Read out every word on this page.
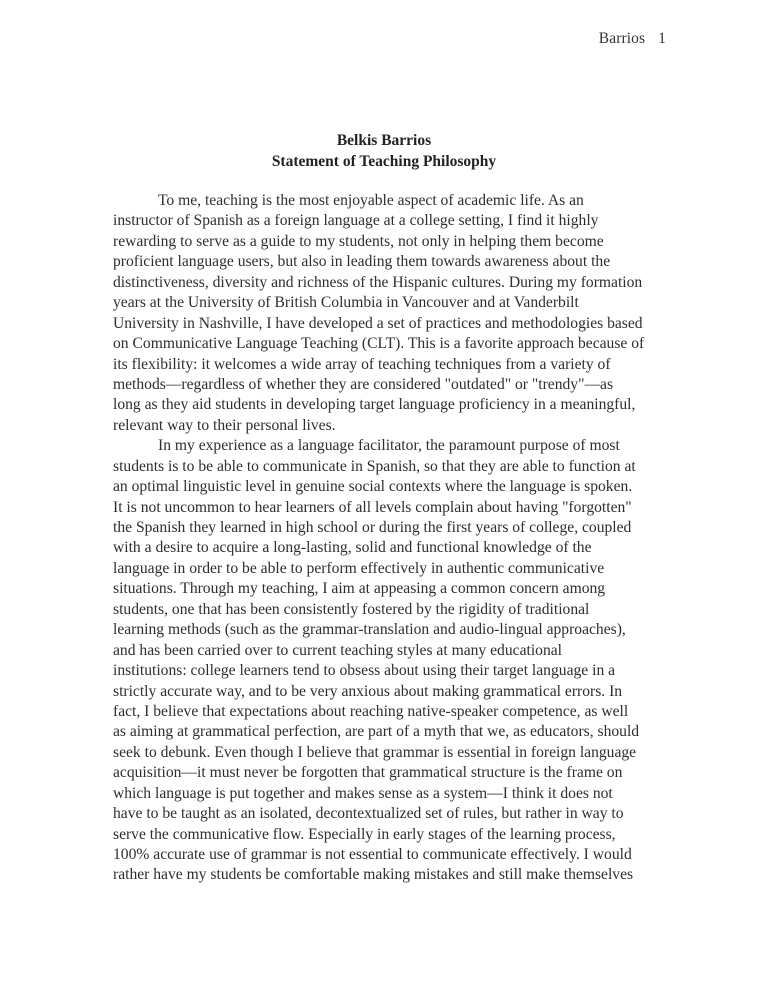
Barrios 1
Belkis Barrios
Statement of Teaching Philosophy
To me, teaching is the most enjoyable aspect of academic life. As an
instructor of Spanish as a foreign language at a college setting, I find it highly
rewarding to serve as a guide to my students, not only in helping them become
proficient language users, but also in leading them towards awareness about the
distinctiveness, diversity and richness of the Hispanic cultures. During my formation
years at the University of British Columbia in Vancouver and at Vanderbilt
University in Nashville, I have developed a set of practices and methodologies based
on Communicative Language Teaching (CLT). This is a favorite approach because of
its flexibility: it welcomes a wide array of teaching techniques from a variety of
methods—regardless of whether they are considered "outdated" or "trendy"—as
long as they aid students in developing target language proficiency in a meaningful,
relevant way to their personal lives.
In my experience as a language facilitator, the paramount purpose of most
students is to be able to communicate in Spanish, so that they are able to function at
an optimal linguistic level in genuine social contexts where the language is spoken.
It is not uncommon to hear learners of all levels complain about having "forgotten"
the Spanish they learned in high school or during the first years of college, coupled
with a desire to acquire a long-lasting, solid and functional knowledge of the
language in order to be able to perform effectively in authentic communicative
situations. Through my teaching, I aim at appeasing a common concern among
students, one that has been consistently fostered by the rigidity of traditional
learning methods (such as the grammar-translation and audio-lingual approaches),
and has been carried over to current teaching styles at many educational
institutions: college learners tend to obsess about using their target language in a
strictly accurate way, and to be very anxious about making grammatical errors. In
fact, I believe that expectations about reaching native-speaker competence, as well
as aiming at grammatical perfection, are part of a myth that we, as educators, should
seek to debunk. Even though I believe that grammar is essential in foreign language
acquisition—it must never be forgotten that grammatical structure is the frame on
which language is put together and makes sense as a system—I think it does not
have to be taught as an isolated, decontextualized set of rules, but rather in way to
serve the communicative flow. Especially in early stages of the learning process,
100% accurate use of grammar is not essential to communicate effectively. I would
rather have my students be comfortable making mistakes and still make themselves
